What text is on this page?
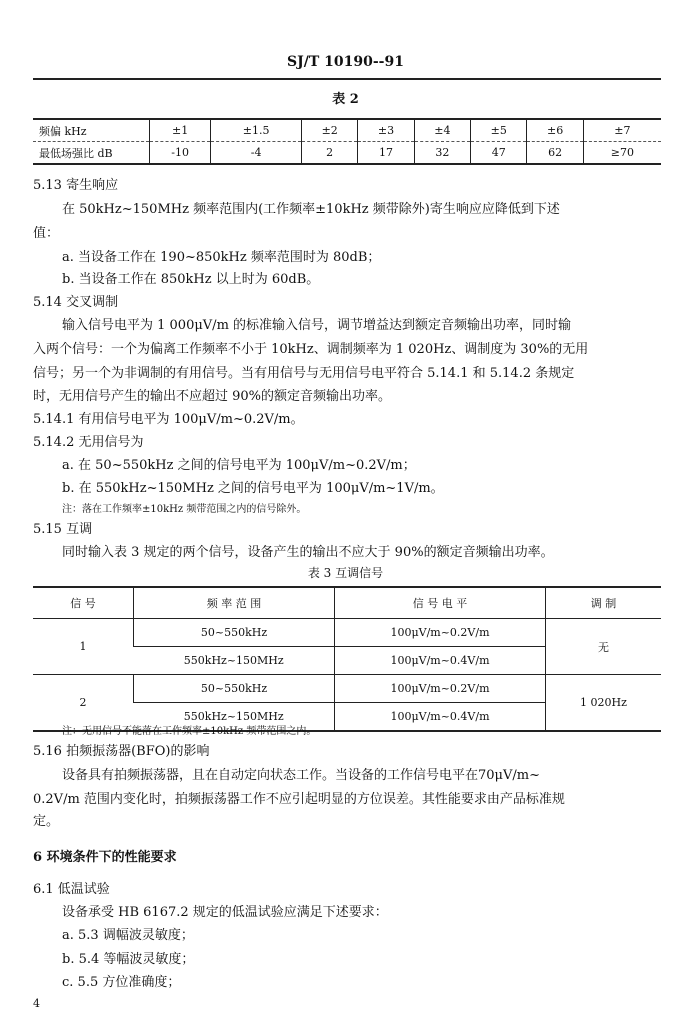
SJ/T 10190--91
表 2
频偏 kHz	±1	±1.5	±2	±3	±4	±5	±6	±7
最低场强比 dB	-10	-4	2	17	32	47	62	≥70
5.13 寄生响应
在 50kHz~150MHz 频率范围内(工作频率±10kHz 频带除外)寄生响应应降低到下述
值：
a. 当设备工作在 190~850kHz 频率范围时为 80dB；
b. 当设备工作在 850kHz 以上时为 60dB。
5.14 交叉调制
输入信号电平为 1 000μV/m 的标准输入信号，调节增益达到额定音频输出功率，同时输
入两个信号：一个为偏离工作频率不小于 10kHz、调制频率为 1 020Hz、调制度为 30%的无用
信号；另一个为非调制的有用信号。当有用信号与无用信号电平符合 5.14.1 和 5.14.2 条规定
时，无用信号产生的输出不应超过 90%的额定音频输出功率。
5.14.1 有用信号电平为 100μV/m~0.2V/m。
5.14.2 无用信号为
a. 在 50~550kHz 之间的信号电平为 100μV/m~0.2V/m；
b. 在 550kHz~150MHz 之间的信号电平为 100μV/m~1V/m。
注：落在工作频率±10kHz 频带范围之内的信号除外。
5.15 互调
同时输入表 3 规定的两个信号，设备产生的输出不应大于 90%的额定音频输出功率。
表 3 互调信号
信 号	频 率 范 围	信 号 电 平	调 制
1	50~550kHz	100μV/m~0.2V/m	无
	550kHz~150MHz	100μV/m~0.4V/m	
2	50~550kHz	100μV/m~0.2V/m	1 020Hz
	550kHz~150MHz	100μV/m~0.4V/m	
注：无用信号不能落在工作频率±10kHz 频带范围之内。
5.16 拍频振荡器(BFO)的影响
设备具有拍频振荡器，且在自动定向状态工作。当设备的工作信号电平在70μV/m~
0.2V/m 范围内变化时，拍频振荡器工作不应引起明显的方位误差。其性能要求由产品标准规
定。
6 环境条件下的性能要求
6.1 低温试验
设备承受 HB 6167.2 规定的低温试验应满足下述要求：
a. 5.3 调幅波灵敏度；
b. 5.4 等幅波灵敏度；
c. 5.5 方位准确度；
4
